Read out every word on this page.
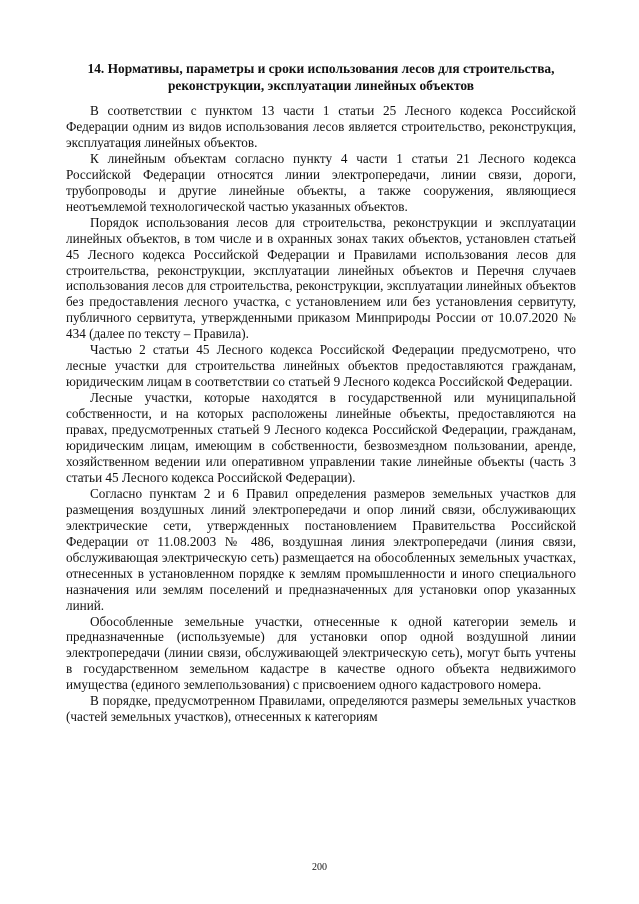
14. Нормативы, параметры и сроки использования лесов для строительства, реконструкции, эксплуатации линейных объектов

В соответствии с пунктом 13 части 1 статьи 25 Лесного кодекса Российской Федерации одним из видов использования лесов является строительство, реконструкция, эксплуатация линейных объектов.

К линейным объектам согласно пункту 4 части 1 статьи 21 Лесного кодекса Российской Федерации относятся линии электропередачи, линии связи, дороги, трубопроводы и другие линейные объекты, а также сооружения, являющиеся неотъемлемой технологической частью указанных объектов.

Порядок использования лесов для строительства, реконструкции и эксплуатации линейных объектов, в том числе и в охранных зонах таких объектов, установлен статьей 45 Лесного кодекса Российской Федерации и Правилами использования лесов для строительства, реконструкции, эксплуатации линейных объектов и Перечня случаев использования лесов для строительства, реконструкции, эксплуатации линейных объектов без предоставления лесного участка, с установлением или без установления сервитуту, публичного сервитута, утвержденными приказом Минприроды России от 10.07.2020 № 434 (далее по тексту – Правила).

Частью 2 статьи 45 Лесного кодекса Российской Федерации предусмотрено, что лесные участки для строительства линейных объектов предоставляются гражданам, юридическим лицам в соответствии со статьей 9 Лесного кодекса Российской Федерации.

Лесные участки, которые находятся в государственной или муниципальной собственности, и на которых расположены линейные объекты, предоставляются на правах, предусмотренных статьей 9 Лесного кодекса Российской Федерации, гражданам, юридическим лицам, имеющим в собственности, безвозмездном пользовании, аренде, хозяйственном ведении или оперативном управлении такие линейные объекты (часть 3 статьи 45 Лесного кодекса Российской Федерации).

Согласно пунктам 2 и 6 Правил определения размеров земельных участков для размещения воздушных линий электропередачи и опор линий связи, обслуживающих электрические сети, утвержденных постановлением Правительства Российской Федерации от 11.08.2003 № 486, воздушная линия электропередачи (линия связи, обслуживающая электрическую сеть) размещается на обособленных земельных участках, отнесенных в установленном порядке к землям промышленности и иного специального назначения или землям поселений и предназначенных для установки опор указанных линий.

Обособленные земельные участки, отнесенные к одной категории земель и предназначенные (используемые) для установки опор одной воздушной линии электропередачи (линии связи, обслуживающей электрическую сеть), могут быть учтены в государственном земельном кадастре в качестве одного объекта недвижимого имущества (единого землепользования) с присвоением одного кадастрового номера.

В порядке, предусмотренном Правилами, определяются размеры земельных участков (частей земельных участков), отнесенных к категориям

200
